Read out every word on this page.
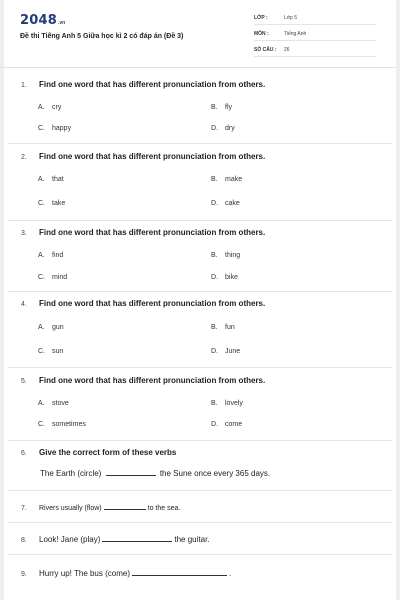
2048 .vn
Đề thi Tiếng Anh 5 Giữa học kì 2 có đáp án (Đề 3)
LỚP :	Lớp 5
MÔN :	Tiếng Anh
SỐ CÂU : 26
1.	Find one word that has different pronunciation from others.
A.	cry	B.	fly
C.	happy	D.	dry
2.	Find one word that has different pronunciation from others.
A.	that	B.	make
C.	take	D.	cake
3.	Find one word that has different pronunciation from others.
A.	find	B.	thing
C.	mind	D.	bike
4.	Find one word that has different pronunciation from others.
A.	gun	B.	fun
C.	sun	D.	June
5.	Find one word that has different pronunciation from others.
A.	stove	B.	lovely
C.	sometimes	D.	come
6.	Give the correct form of these verbs
The Earth (circle)	the Sune once every 365 days.
7.	Rivers usually (flow)	to the sea.
8.	Look! Jane (play)	the guitar.
9.	Hurry up! The bus (come)	.
